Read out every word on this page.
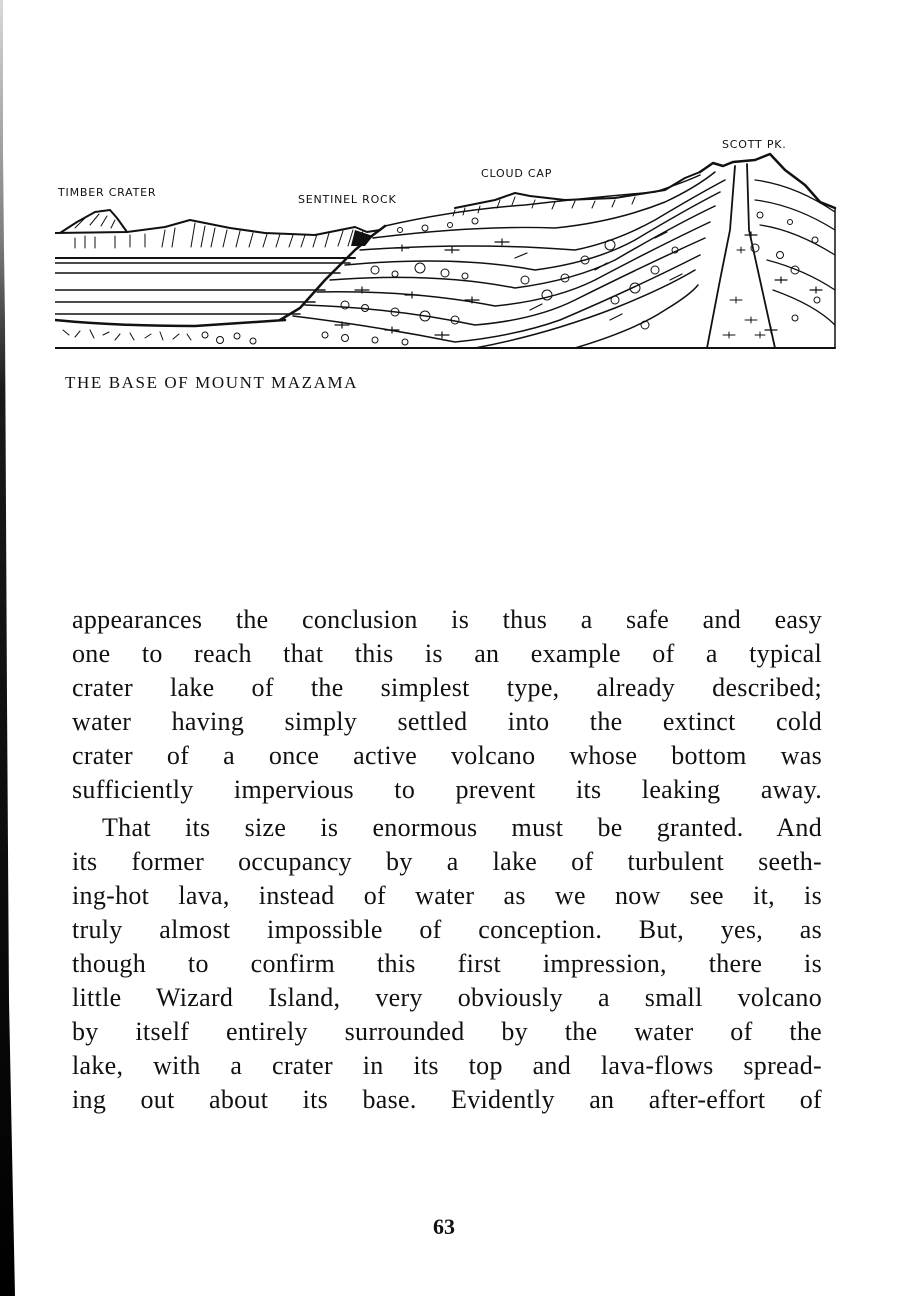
TIMBER CRATER
SENTINEL ROCK
CLOUD CAP
SCOTT PK.
THE BASE OF MOUNT MAZAMA
appearances the conclusion is thus a safe and easy
one to reach that this is an example of a typical
crater lake of the simplest type, already described;
water having simply settled into the extinct cold
crater of a once active volcano whose bottom was
sufficiently impervious to prevent its leaking away.
That its size is enormous must be granted. And
its former occupancy by a lake of turbulent seeth-
ing-hot lava, instead of water as we now see it, is
truly almost impossible of conception. But, yes, as
though to confirm this first impression, there is
little Wizard Island, very obviously a small volcano
by itself entirely surrounded by the water of the
lake, with a crater in its top and lava-flows spread-
ing out about its base. Evidently an after-effort of
63
